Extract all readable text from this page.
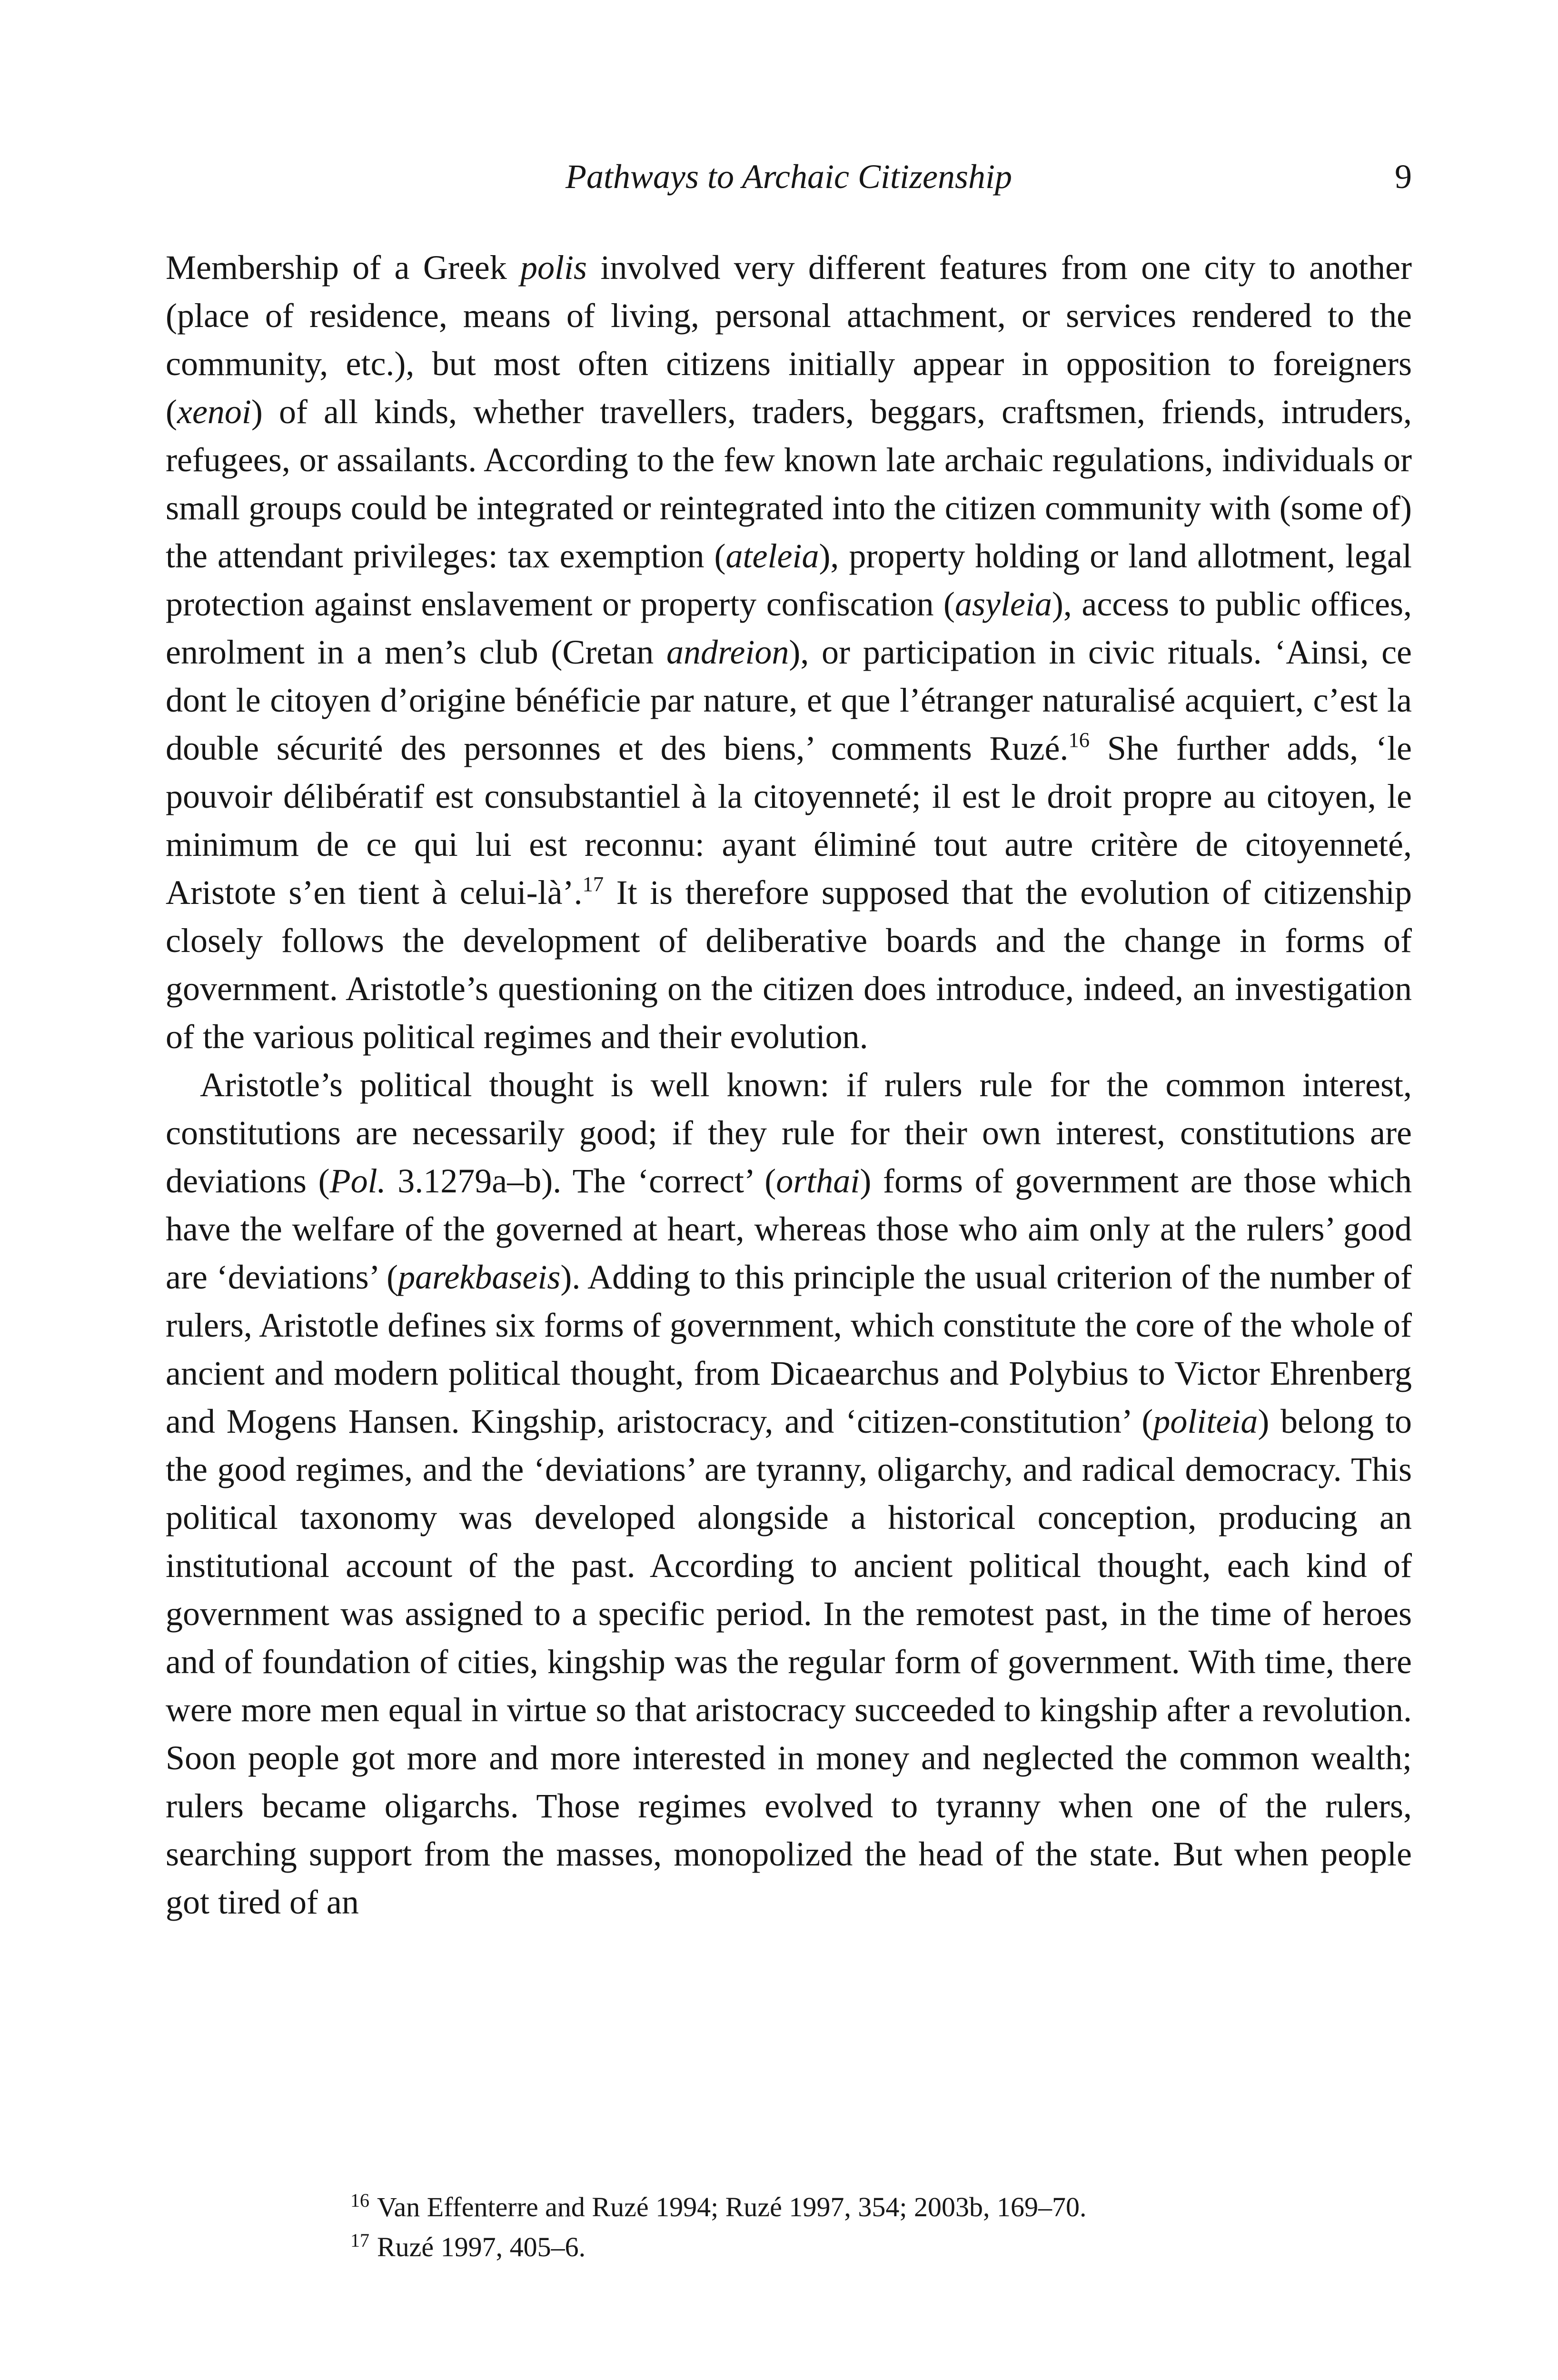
Pathways to Archaic Citizenship	9

Membership of a Greek polis involved very different features from one city to another (place of residence, means of living, personal attachment, or services rendered to the community, etc.), but most often citizens initially appear in opposition to foreigners (xenoi) of all kinds, whether travellers, traders, beggars, craftsmen, friends, intruders, refugees, or assailants. According to the few known late archaic regulations, individuals or small groups could be integrated or reintegrated into the citizen community with (some of) the attendant privileges: tax exemption (ateleia), property holding or land allotment, legal protection against enslavement or property confiscation (asyleia), access to public offices, enrolment in a men’s club (Cretan andreion), or participation in civic rituals. ‘Ainsi, ce dont le citoyen d’origine bénéficie par nature, et que l’étranger naturalisé acquiert, c’est la double sécurité des personnes et des biens,’ comments Ruzé.$^{16}$ She further adds, ‘le pouvoir délibératif est consubstantiel à la citoyenneté; il est le droit propre au citoyen, le minimum de ce qui lui est reconnu: ayant éliminé tout autre critère de citoyenneté, Aristote s’en tient à celui-là’.$^{17}$ It is therefore supposed that the evolution of citizenship closely follows the development of deliberative boards and the change in forms of government. Aristotle’s questioning on the citizen does introduce, indeed, an investigation of the various political regimes and their evolution.

Aristotle’s political thought is well known: if rulers rule for the common interest, constitutions are necessarily good; if they rule for their own interest, constitutions are deviations (Pol. 3.1279a–b). The ‘correct’ (orthai) forms of government are those which have the welfare of the governed at heart, whereas those who aim only at the rulers’ good are ‘deviations’ (parekbaseis). Adding to this principle the usual criterion of the number of rulers, Aristotle defines six forms of government, which constitute the core of the whole of ancient and modern political thought, from Dicaearchus and Polybius to Victor Ehrenberg and Mogens Hansen. Kingship, aristocracy, and ‘citizen-constitution’ (politeia) belong to the good regimes, and the ‘deviations’ are tyranny, oligarchy, and radical democracy. This political taxonomy was developed alongside a historical conception, producing an institutional account of the past. According to ancient political thought, each kind of government was assigned to a specific period. In the remotest past, in the time of heroes and of foundation of cities, kingship was the regular form of government. With time, there were more men equal in virtue so that aristocracy succeeded to kingship after a revolution. Soon people got more and more interested in money and neglected the common wealth; rulers became oligarchs. Those regimes evolved to tyranny when one of the rulers, searching support from the masses, monopolized the head of the state. But when people got tired of an

$^{16}$ Van Effenterre and Ruzé 1994; Ruzé 1997, 354; 2003b, 169–70.

$^{17}$ Ruzé 1997, 405–6.
